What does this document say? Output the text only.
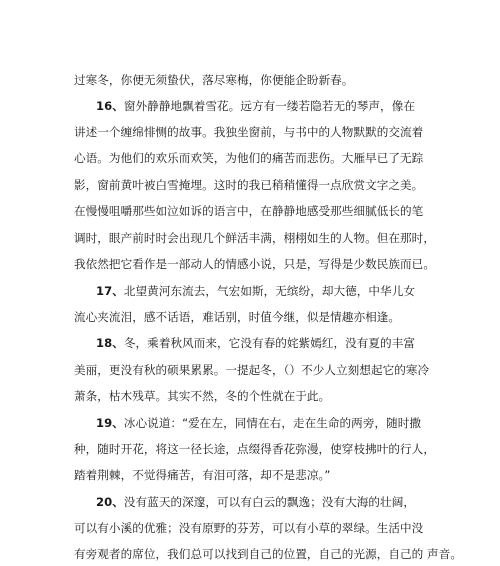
过寒冬，你便无须蛰伏，落尽寒梅，你便能企盼新春。
16、窗外静静地飘着雪花。远方有一缕若隐若无的琴声，像在
讲述一个缠绵悱恻的故事。我独坐窗前，与书中的人物默默的交流着
心语。为他们的欢乐而欢笑，为他们的痛苦而悲伤。大雁早已了无踪
影，窗前黄叶被白雪掩埋。这时的我已稍稍懂得一点欣赏文字之美。
在慢慢咀嚼那些如泣如诉的语言中，在静静地感受那些细腻低长的笔
调时，眼产前时时会出现几个鲜活丰满，栩栩如生的人物。但在那时，
我依然把它看作是一部动人的情感小说，只是，写得是少数民族而已。
17、北望黄河东流去，气宏如斯，无缤纷，却大德，中华儿女
流心夹流泪，感不话语，难话别，时值今继，似是情趣亦相逢。
18、冬，乘着秋风而来，它没有春的姹紫嫣红，没有夏的丰富
美丽，更没有秋的硕果累累。一提起冬，（）不少人立刻想起它的寒冷
萧条，枯木残草。其实不然，冬的个性就在于此。
19、冰心说道：“爱在左，同情在右，走在生命的两旁，随时撒
种，随时开花，将这一径长途，点缀得香花弥漫，使穿枝拂叶的行人，
踏着荆棘，不觉得痛苦，有泪可落，却不是悲凉。”
20、没有蓝天的深邃，可以有白云的飘逸；没有大海的壮阔，
可以有小溪的优雅；没有原野的芬芳，可以有小草的翠绿。生活中没
有旁观者的席位，我们总可以找到自己的位置，自己的光源，自己的 声音。
